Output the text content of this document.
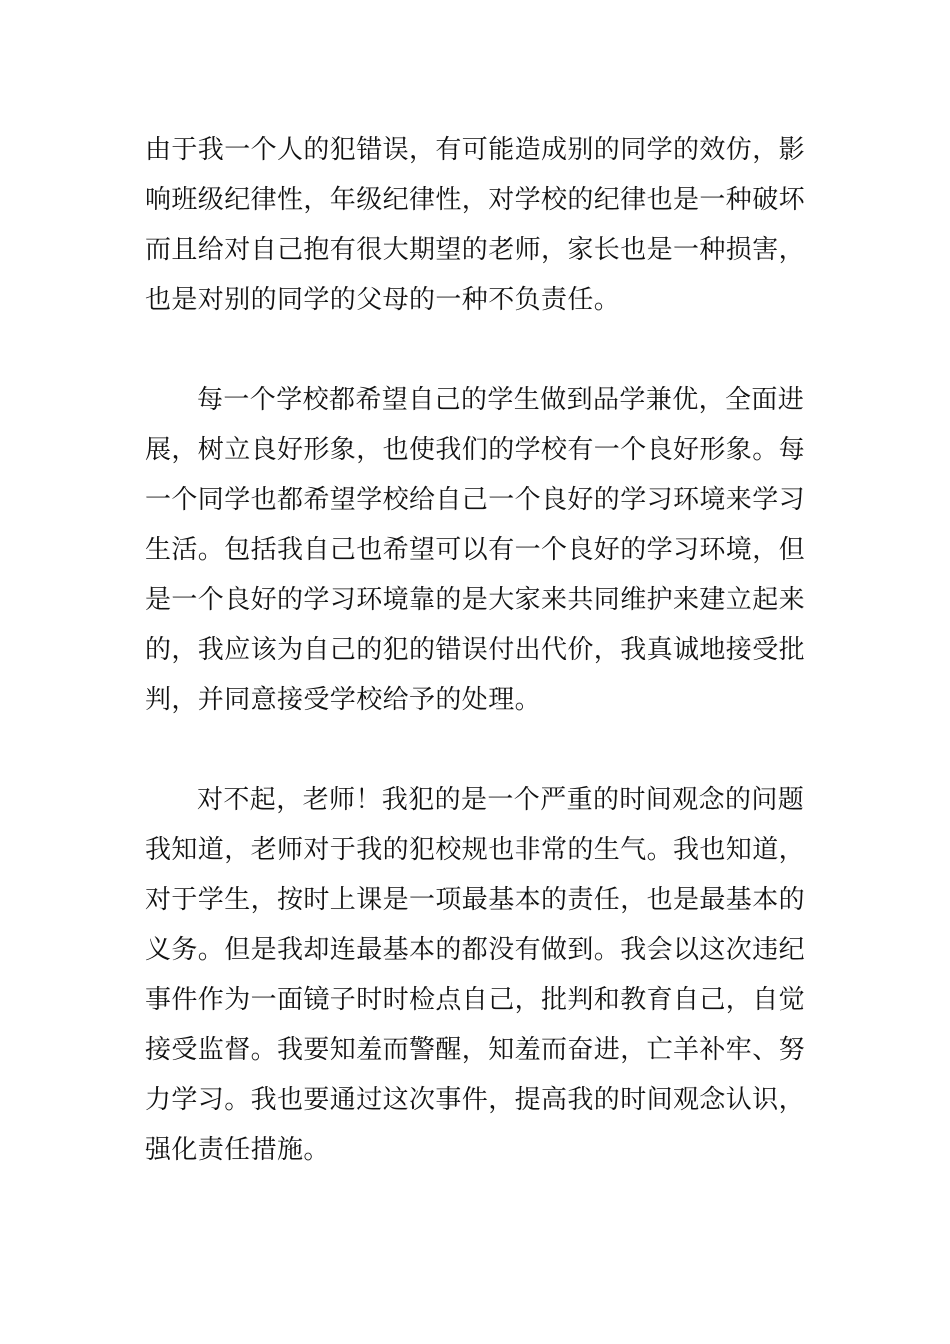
由于我一个人的犯错误，有可能造成别的同学的效仿，影

响班级纪律性，年级纪律性，对学校的纪律也是一种破坏

而且给对自己抱有很大期望的老师，家长也是一种损害，

也是对别的同学的父母的一种不负责任。

每一个学校都希望自己的学生做到品学兼优，全面进

展，树立良好形象，也使我们的学校有一个良好形象。每

一个同学也都希望学校给自己一个良好的学习环境来学习

生活。包括我自己也希望可以有一个良好的学习环境，但

是一个良好的学习环境靠的是大家来共同维护来建立起来

的，我应该为自己的犯的错误付出代价，我真诚地接受批

判，并同意接受学校给予的处理。

对不起，老师！我犯的是一个严重的时间观念的问题

我知道，老师对于我的犯校规也非常的生气。我也知道，

对于学生，按时上课是一项最基本的责任，也是最基本的

义务。但是我却连最基本的都没有做到。我会以这次违纪

事件作为一面镜子时时检点自己，批判和教育自己，自觉

接受监督。我要知羞而警醒，知羞而奋进，亡羊补牢、努

力学习。我也要通过这次事件，提高我的时间观念认识，

强化责任措施。
